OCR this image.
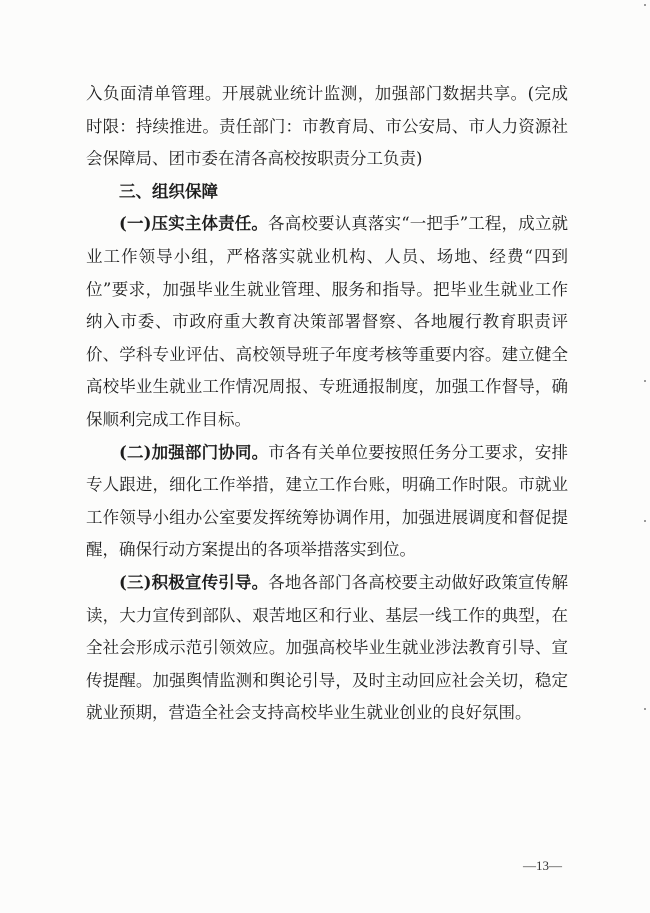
入负面清单管理。开展就业统计监测，加强部门数据共享。(完成时限：持续推进。责任部门：市教育局、市公安局、市人力资源社会保障局、团市委在清各高校按职责分工负责)

三、组织保障

(一)压实主体责任。各高校要认真落实“一把手”工程，成立就业工作领导小组，严格落实就业机构、人员、场地、经费“四到位”要求，加强毕业生就业管理、服务和指导。把毕业生就业工作纳入市委、市政府重大教育决策部署督察、各地履行教育职责评价、学科专业评估、高校领导班子年度考核等重要内容。建立健全高校毕业生就业工作情况周报、专班通报制度，加强工作督导，确保顺利完成工作目标。

(二)加强部门协同。市各有关单位要按照任务分工要求，安排专人跟进，细化工作举措，建立工作台账，明确工作时限。市就业工作领导小组办公室要发挥统筹协调作用，加强进展调度和督促提醒，确保行动方案提出的各项举措落实到位。

(三)积极宣传引导。各地各部门各高校要主动做好政策宣传解读，大力宣传到部队、艰苦地区和行业、基层一线工作的典型，在全社会形成示范引领效应。加强高校毕业生就业涉法教育引导、宣传提醒。加强舆情监测和舆论引导，及时主动回应社会关切，稳定就业预期，营造全社会支持高校毕业生就业创业的良好氛围。

—13—
